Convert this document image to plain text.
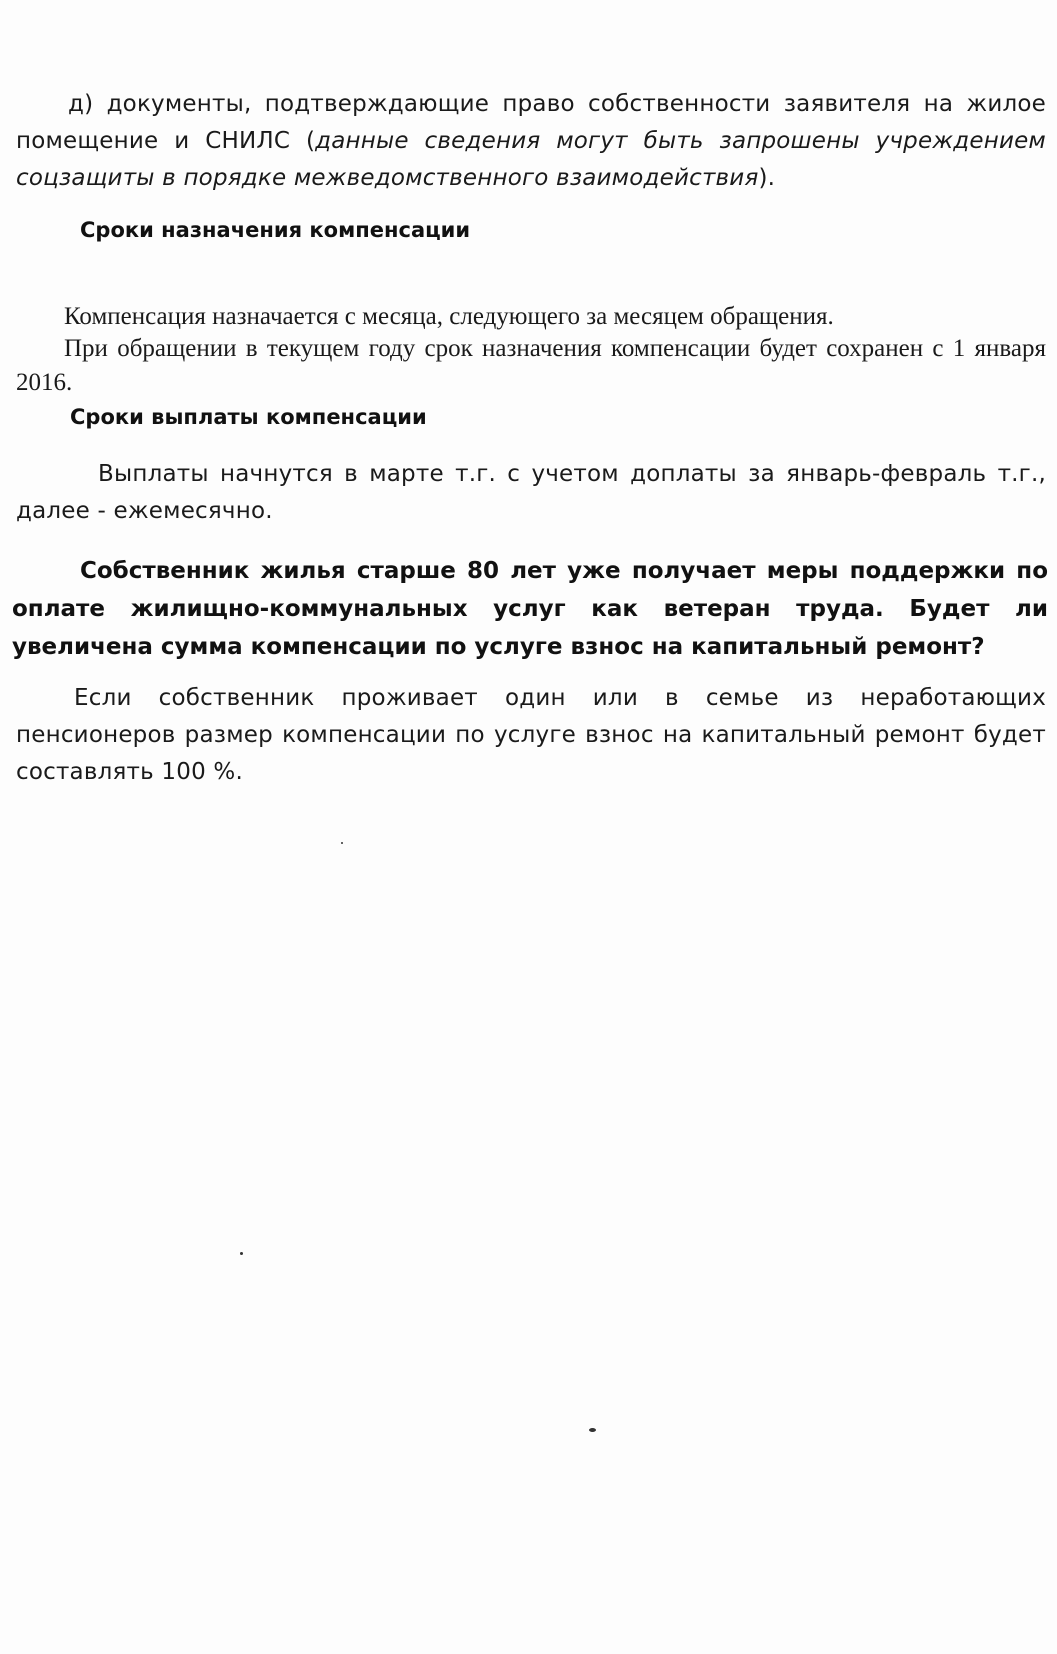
д) документы, подтверждающие право собственности заявителя на жилое помещение и СНИЛС (данные сведения могут быть запрошены учреждением соцзащиты в порядке межведомственного взаимодействия).

Сроки назначения компенсации

Компенсация назначается с месяца, следующего за месяцем обращения.

При обращении в текущем году срок назначения компенсации будет сохранен с 1 января 2016.

Сроки выплаты компенсации

Выплаты начнутся в марте т.г. с учетом доплаты за январь-февраль т.г., далее - ежемесячно.

Собственник жилья старше 80 лет уже получает меры поддержки по оплате жилищно-коммунальных услуг как ветеран труда. Будет ли увеличена сумма компенсации по услуге взнос на капитальный ремонт?

Если собственник проживает один или в семье из неработающих пенсионеров размер компенсации по услуге взнос на капитальный ремонт будет составлять 100 %.
